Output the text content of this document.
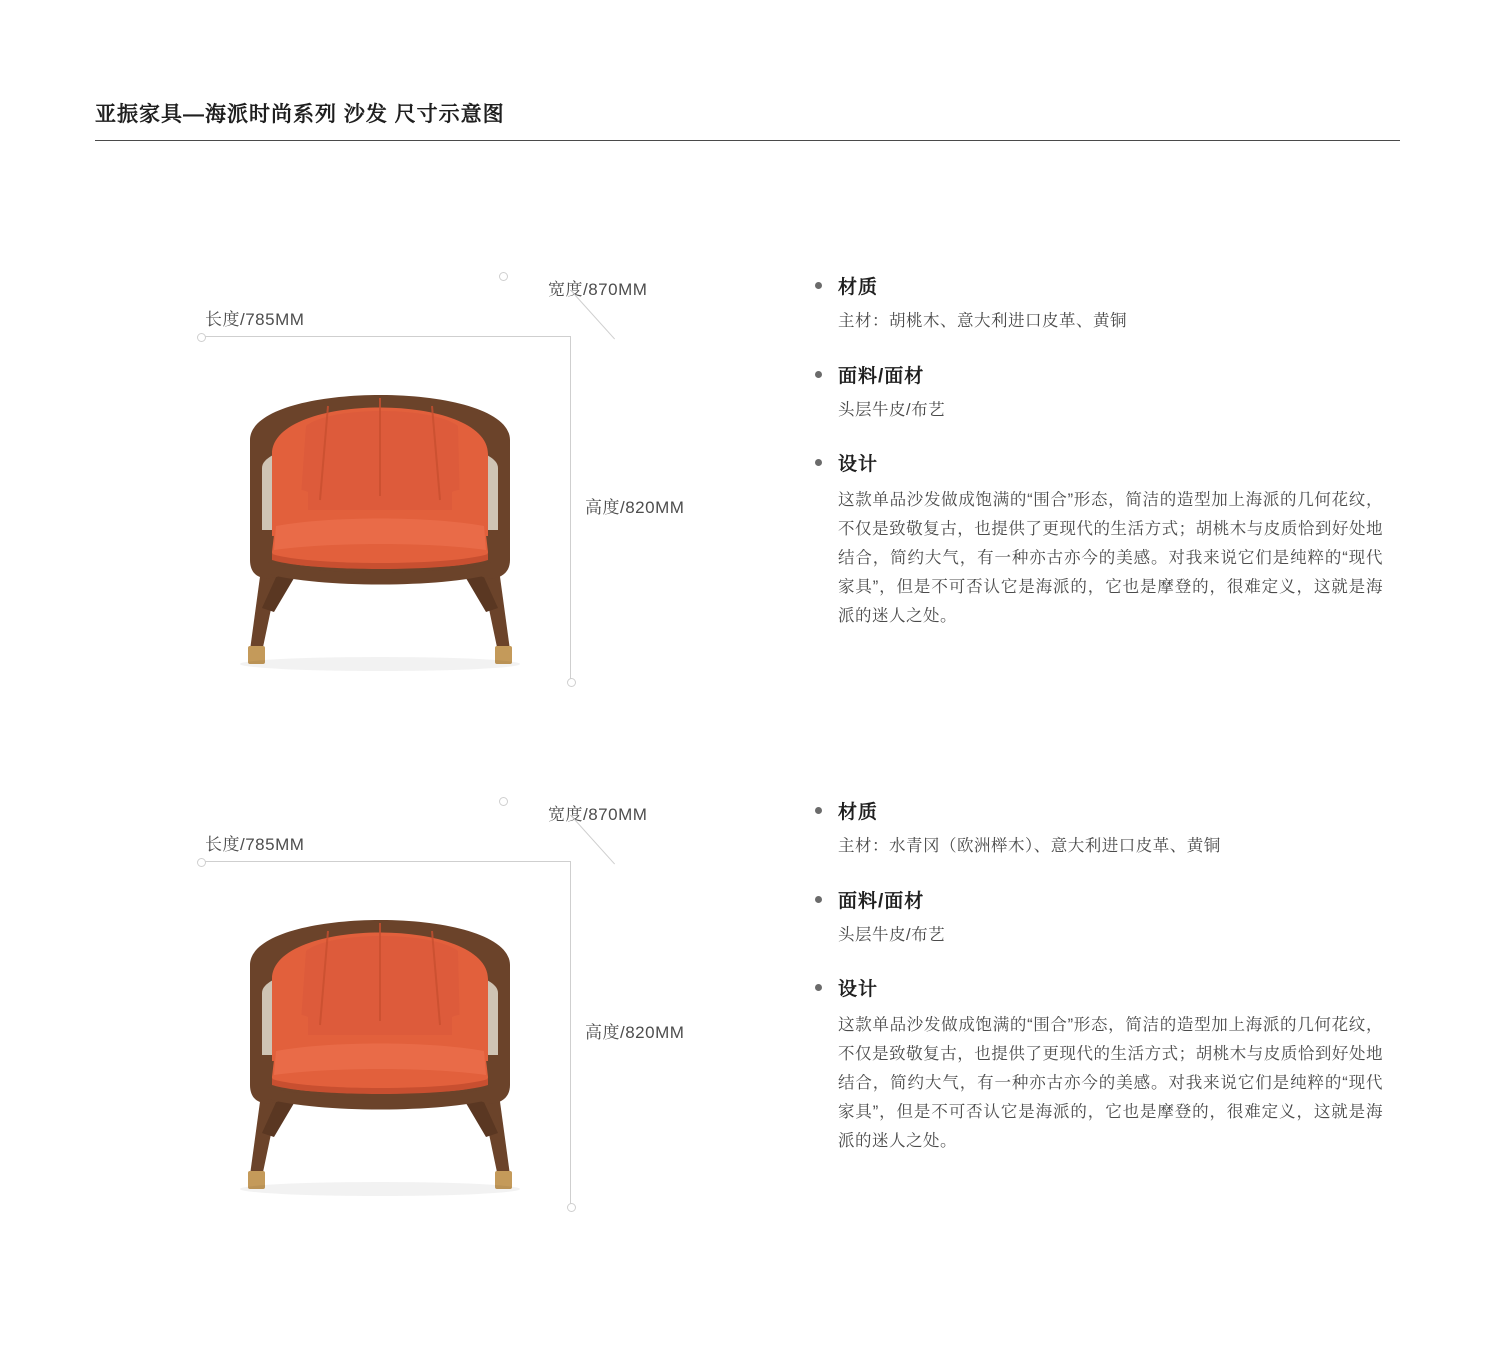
亚振家具—海派时尚系列 沙发 尺寸示意图
长度/785MM
宽度/870MM
高度/820MM
材质
主材：胡桃木、意大利进口皮革、黄铜
面料/面材
头层牛皮/布艺
设计
这款单品沙发做成饱满的“围合”形态，简洁的造型加上海派的几何花纹，不仅是致敬复古，也提供了更现代的生活方式；胡桃木与皮质恰到好处地结合，简约大气，有一种亦古亦今的美感。对我来说它们是纯粹的“现代家具”，但是不可否认它是海派的，它也是摩登的，很难定义，这就是海派的迷人之处。
长度/785MM
宽度/870MM
高度/820MM
材质
主材：水青冈（欧洲榉木）、意大利进口皮革、黄铜
面料/面材
头层牛皮/布艺
设计
这款单品沙发做成饱满的“围合”形态，简洁的造型加上海派的几何花纹，不仅是致敬复古，也提供了更现代的生活方式；胡桃木与皮质恰到好处地结合，简约大气，有一种亦古亦今的美感。对我来说它们是纯粹的“现代家具”，但是不可否认它是海派的，它也是摩登的，很难定义，这就是海派的迷人之处。
